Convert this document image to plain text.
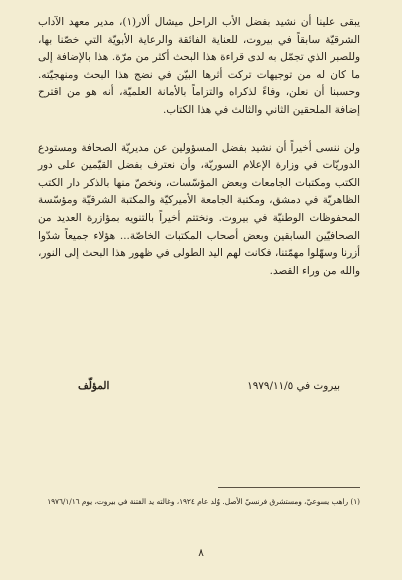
يبقى علينا أن نشيد بفضل الأب الراحل ميشال ألار(١)، مدير معهد الآداب الشرقيّة سابقاً في بيروت، للعناية الفائقة والرعاية الأبويّة التي خصّنا بها، وللصبر الذي تجمّل به لدى قراءة هذا البحث أكثر من مرّة. هذا بالإضافة إلى ما كان له من توجيهات تركت أثرها البيّن في نضج هذا البحث ومنهجيّته. وحسبنا أن نعلن، وفاءً لذكراه والتزاماً بالأمانة العلميّة، أنه هو من اقترح إضافة الملحقين الثاني والثالث في هذا الكتاب.

ولن ننسى أخيراً أن نشيد بفضل المسؤولين عن مديريّة الصحافة ومستودع الدوريّات في وزارة الإعلام السوريّة، وأن نعترف بفضل القيّمين على دور الكتب ومكتبات الجامعات وبعض المؤسّسات، ونخصّ منها بالذكر دار الكتب الظاهريّة في دمشق، ومكتبة الجامعة الأميركيّة والمكتبة الشرقيّة ومؤسّسة المحفوظات الوطنيّة في بيروت. ونختتم أخيراً بالتنويه بمؤازرة العديد من الصحافيّين السابقين وبعض أصحاب المكتبات الخاصّة... هؤلاء جميعاً شدّوا أزرنا وسهّلوا مهمّتنا، فكانت لهم اليد الطولى في ظهور هذا البحث إلى النور، والله من وراء القصد.

بيروت في ١٩٧٩/١١/٥
المؤلّف

(١) راهب يسوعيّ، ومستشرق فرنسيّ الأصل. وُلد عام ١٩٢٤، وغالته يد الفتنة في بيروت، يوم ١٩٧٦/١/١٦

٨
